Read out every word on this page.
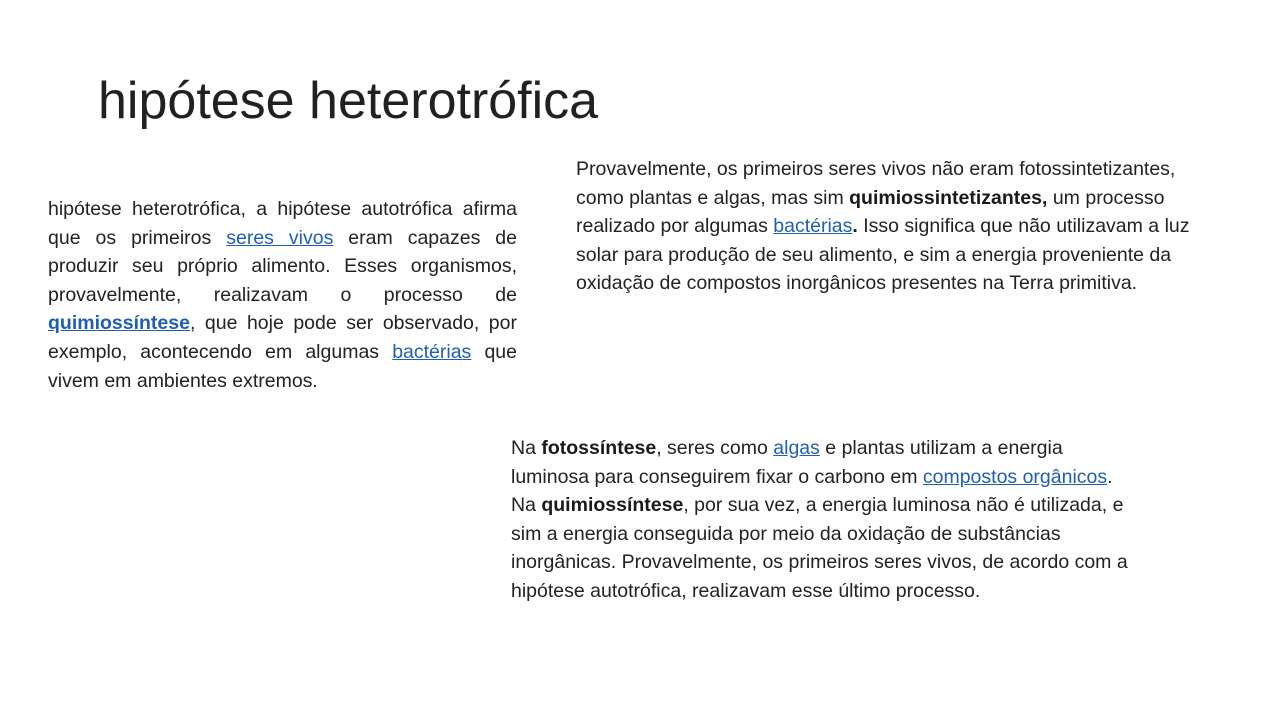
hipótese heterotrófica

hipótese heterotrófica, a hipótese autotrófica afirma que os primeiros seres vivos eram capazes de produzir seu próprio alimento. Esses organismos, provavelmente, realizavam o processo de quimiossíntese, que hoje pode ser observado, por exemplo, acontecendo em algumas bactérias que vivem em ambientes extremos.

Provavelmente, os primeiros seres vivos não eram fotossintetizantes, como plantas e algas, mas sim quimiossintetizantes, um processo realizado por algumas bactérias. Isso significa que não utilizavam a luz solar para produção de seu alimento, e sim a energia proveniente da oxidação de compostos inorgânicos presentes na Terra primitiva.

Na fotossíntese, seres como algas e plantas utilizam a energia luminosa para conseguirem fixar o carbono em compostos orgânicos. Na quimiossíntese, por sua vez, a energia luminosa não é utilizada, e sim a energia conseguida por meio da oxidação de substâncias inorgânicas. Provavelmente, os primeiros seres vivos, de acordo com a hipótese autotrófica, realizavam esse último processo.
